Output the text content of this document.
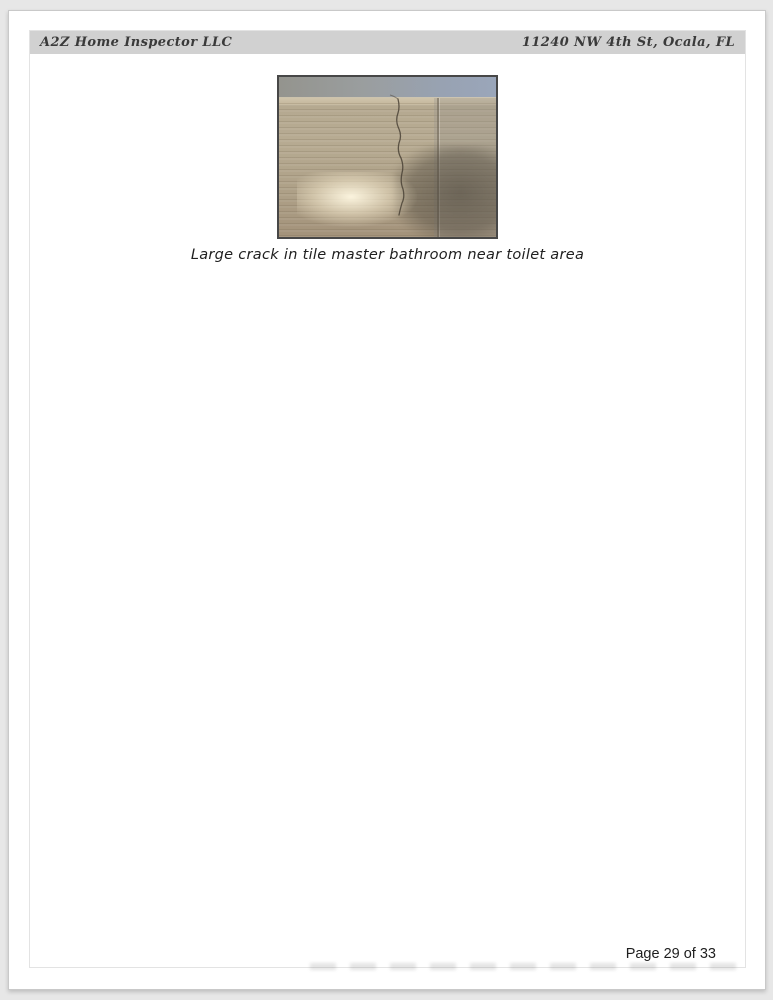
A2Z Home Inspector LLC	11240 NW 4th St, Ocala, FL
Large crack in tile master bathroom near toilet area
Page 29 of 33
